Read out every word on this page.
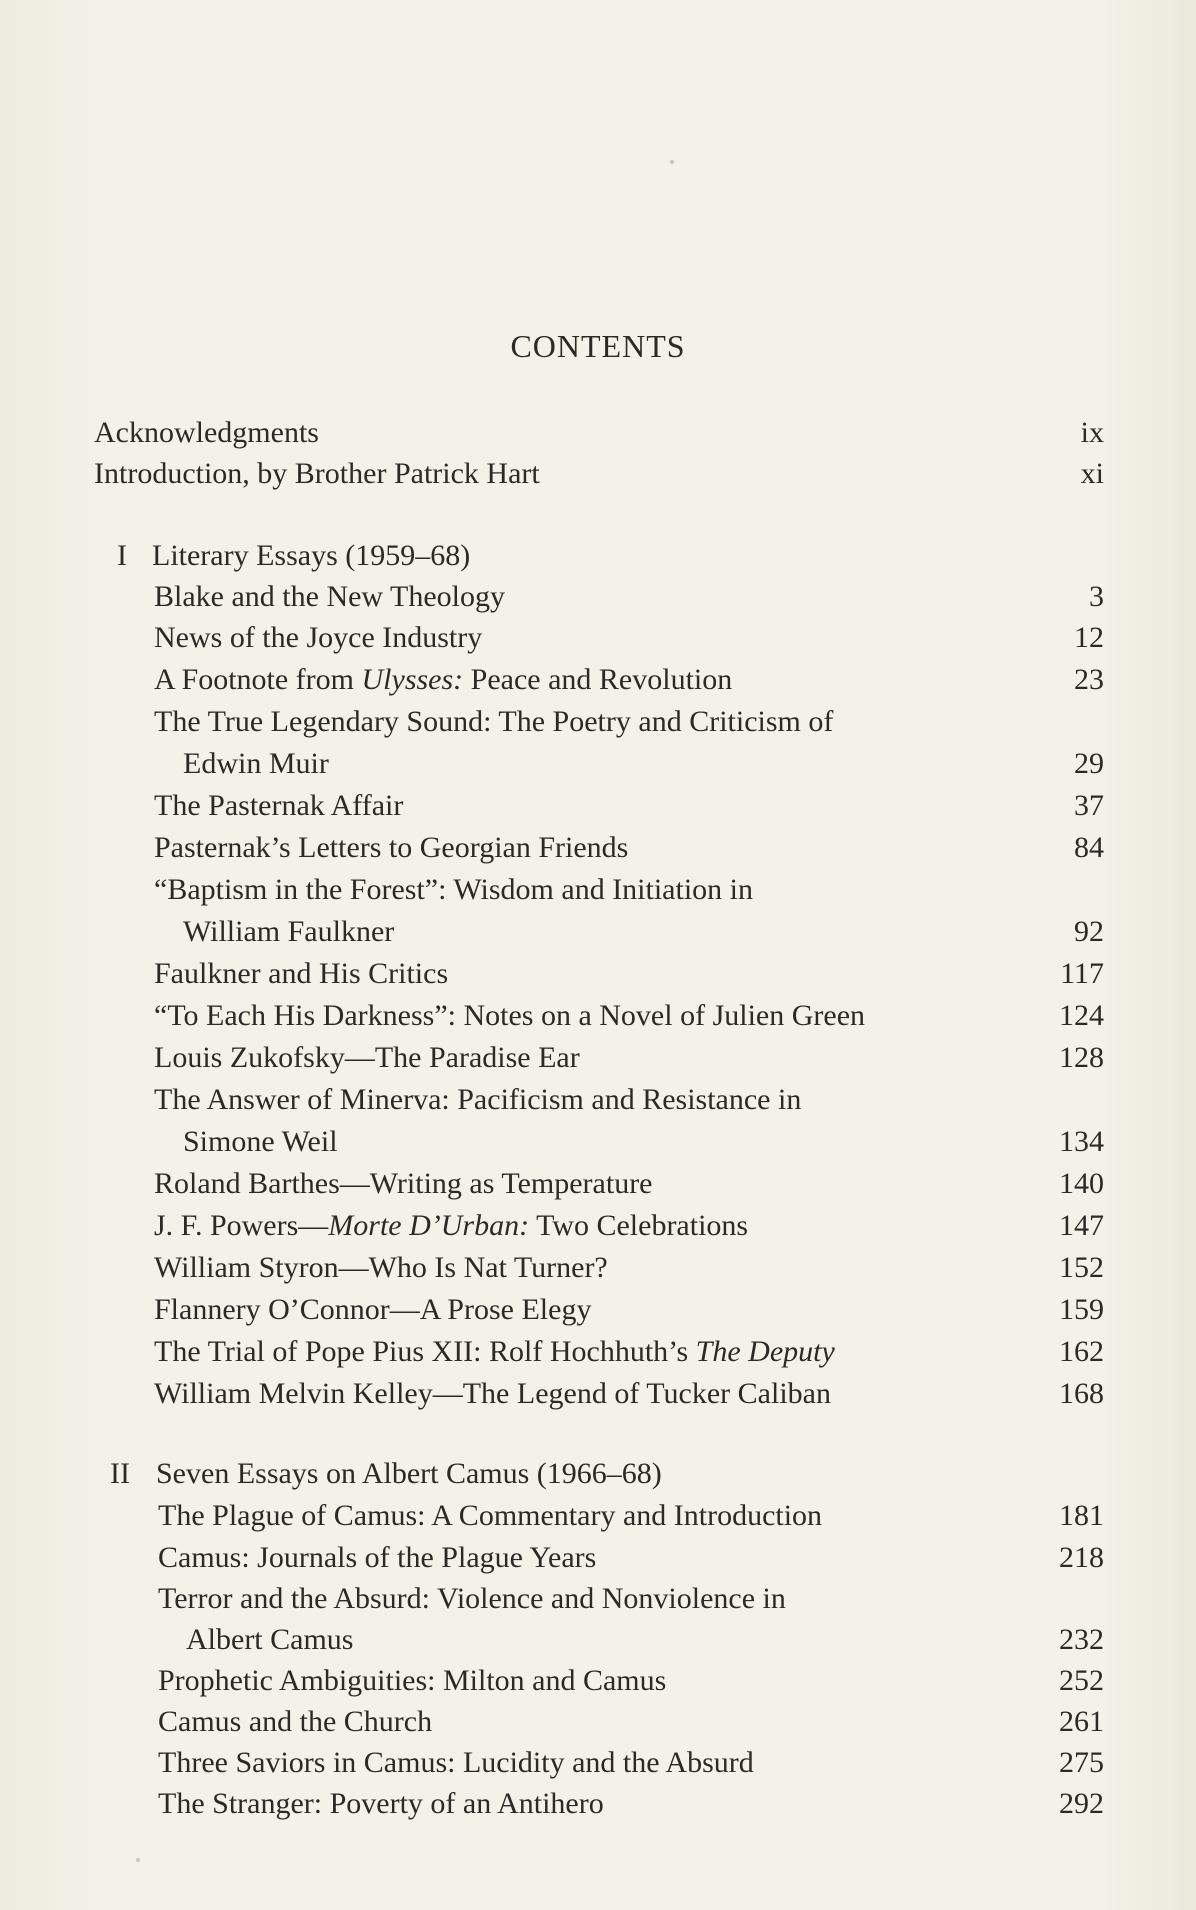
CONTENTS
Acknowledgments	ix
Introduction, by Brother Patrick Hart	xi
I Literary Essays (1959–68)
Blake and the New Theology	3
News of the Joyce Industry	12
A Footnote from Ulysses: Peace and Revolution	23
The True Legendary Sound: The Poetry and Criticism of
Edwin Muir	29
The Pasternak Affair	37
Pasternak’s Letters to Georgian Friends	84
“Baptism in the Forest”: Wisdom and Initiation in
William Faulkner	92
Faulkner and His Critics	117
“To Each His Darkness”: Notes on a Novel of Julien Green	124
Louis Zukofsky—The Paradise Ear	128
The Answer of Minerva: Pacificism and Resistance in
Simone Weil	134
Roland Barthes—Writing as Temperature	140
J. F. Powers—Morte D’Urban: Two Celebrations	147
William Styron—Who Is Nat Turner?	152
Flannery O’Connor—A Prose Elegy	159
The Trial of Pope Pius XII: Rolf Hochhuth’s The Deputy	162
William Melvin Kelley—The Legend of Tucker Caliban	168
II Seven Essays on Albert Camus (1966–68)
The Plague of Camus: A Commentary and Introduction	181
Camus: Journals of the Plague Years	218
Terror and the Absurd: Violence and Nonviolence in
Albert Camus	232
Prophetic Ambiguities: Milton and Camus	252
Camus and the Church	261
Three Saviors in Camus: Lucidity and the Absurd	275
The Stranger: Poverty of an Antihero	292
